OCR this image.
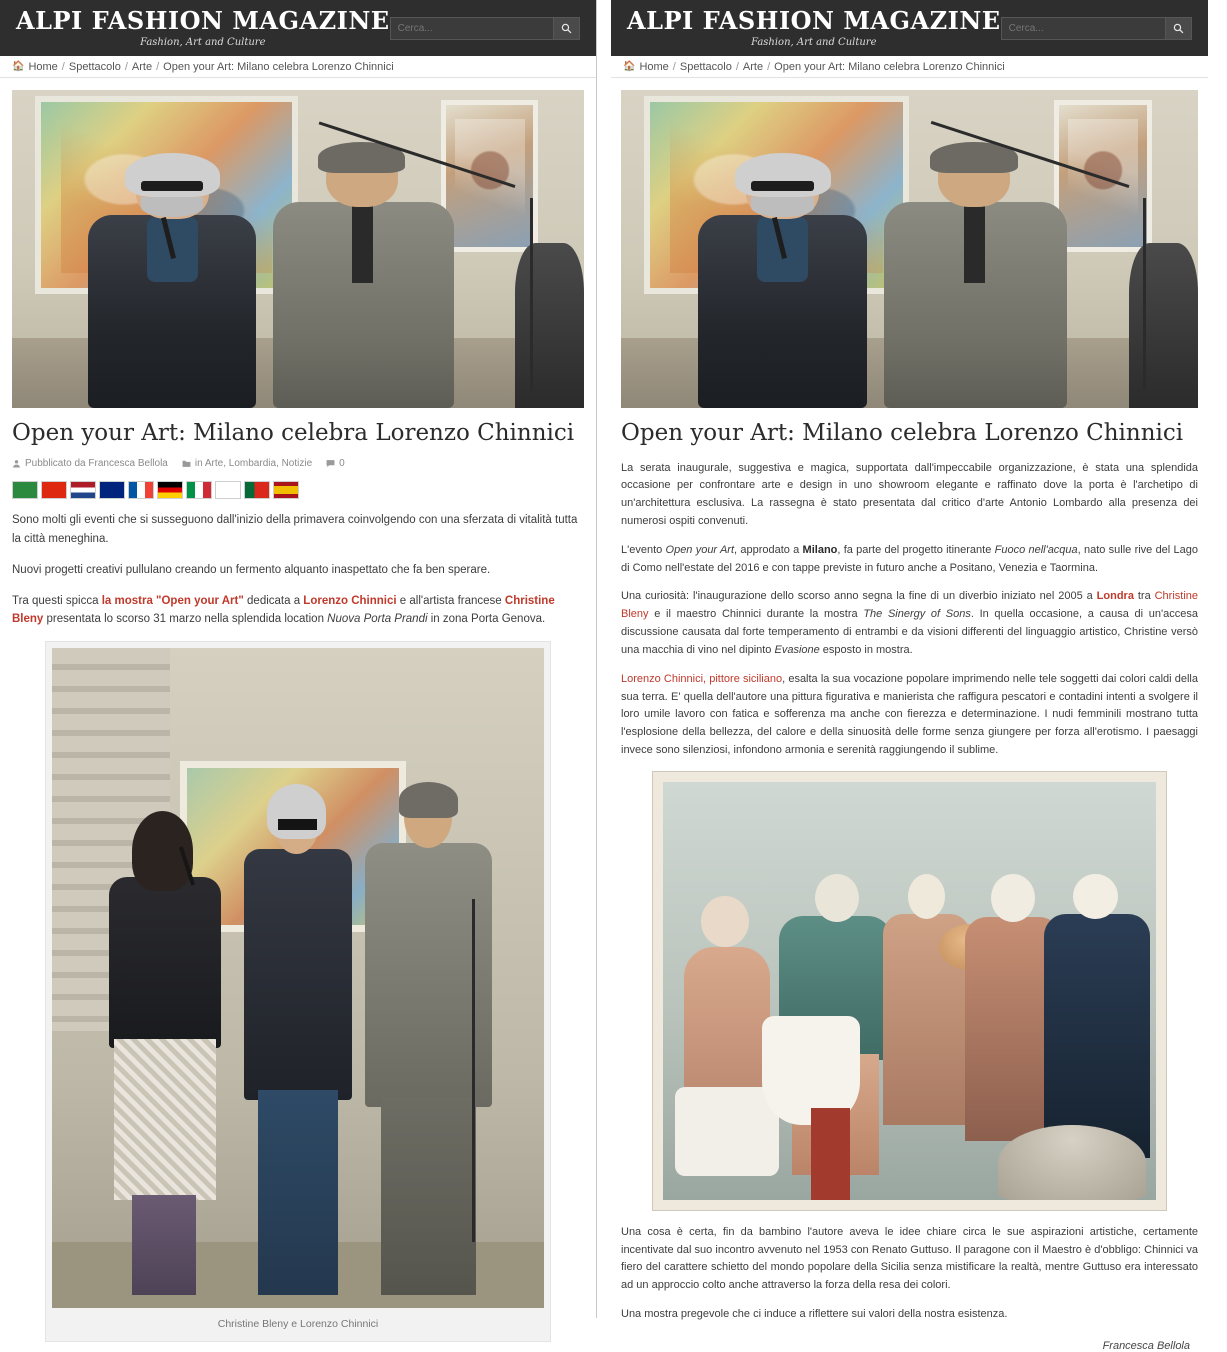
ALPI FASHION MAGAZINE
Fashion, Art and Culture
Cerca...
🏠 Home / Spettacolo / Arte / Open your Art: Milano celebra Lorenzo Chinnici
Open your Art: Milano celebra Lorenzo Chinnici
Pubblicato da Francesca Bellola	in Arte, Lombardia, Notizie	0

Sono molti gli eventi che si susseguono dall'inizio della primavera coinvolgendo con una sferzata di vitalità tutta la città meneghina.

Nuovi progetti creativi pullulano creando un fermento alquanto inaspettato che fa ben sperare.

Tra questi spicca la mostra "Open your Art" dedicata a Lorenzo Chinnici e all'artista francese Christine Bleny presentata lo scorso 31 marzo nella splendida location Nuova Porta Prandi in zona Porta Genova.

Christine Bleny e Lorenzo Chinnici
ALPI FASHION MAGAZINE
Fashion, Art and Culture
Cerca...
🏠 Home / Spettacolo / Arte / Open your Art: Milano celebra Lorenzo Chinnici
Open your Art: Milano celebra Lorenzo Chinnici

La serata inaugurale, suggestiva e magica, supportata dall'impeccabile organizzazione, è stata una splendida occasione per confrontare arte e design in uno showroom elegante e raffinato dove la porta è l'archetipo di un'architettura esclusiva. La rassegna è stato presentata dal critico d'arte Antonio Lombardo alla presenza dei numerosi ospiti convenuti.

L'evento Open your Art, approdato a Milano, fa parte del progetto itinerante Fuoco nell'acqua, nato sulle rive del Lago di Como nell'estate del 2016 e con tappe previste in futuro anche a Positano, Venezia e Taormina.

Una curiosità: l'inaugurazione dello scorso anno segna la fine di un diverbio iniziato nel 2005 a Londra tra Christine Bleny e il maestro Chinnici durante la mostra The Sinergy of Sons. In quella occasione, a causa di un'accesa discussione causata dal forte temperamento di entrambi e da visioni differenti del linguaggio artistico, Christine versò una macchia di vino nel dipinto Evasione esposto in mostra.

Lorenzo Chinnici, pittore siciliano, esalta la sua vocazione popolare imprimendo nelle tele soggetti dai colori caldi della sua terra. E' quella dell'autore una pittura figurativa e manierista che raffigura pescatori e contadini intenti a svolgere il loro umile lavoro con fatica e sofferenza ma anche con fierezza e determinazione. I nudi femminili mostrano tutta l'esplosione della bellezza, del calore e della sinuosità delle forme senza giungere per forza all'erotismo. I paesaggi invece sono silenziosi, infondono armonia e serenità raggiungendo il sublime.

Una cosa è certa, fin da bambino l'autore aveva le idee chiare circa le sue aspirazioni artistiche, certamente incentivate dal suo incontro avvenuto nel 1953 con Renato Guttuso. Il paragone con il Maestro è d'obbligo: Chinnici va fiero del carattere schietto del mondo popolare della Sicilia senza mistificare la realtà, mentre Guttuso era interessato ad un approccio colto anche attraverso la forza della resa dei colori.

Una mostra pregevole che ci induce a riflettere sui valori della nostra esistenza.

Francesca Bellola
